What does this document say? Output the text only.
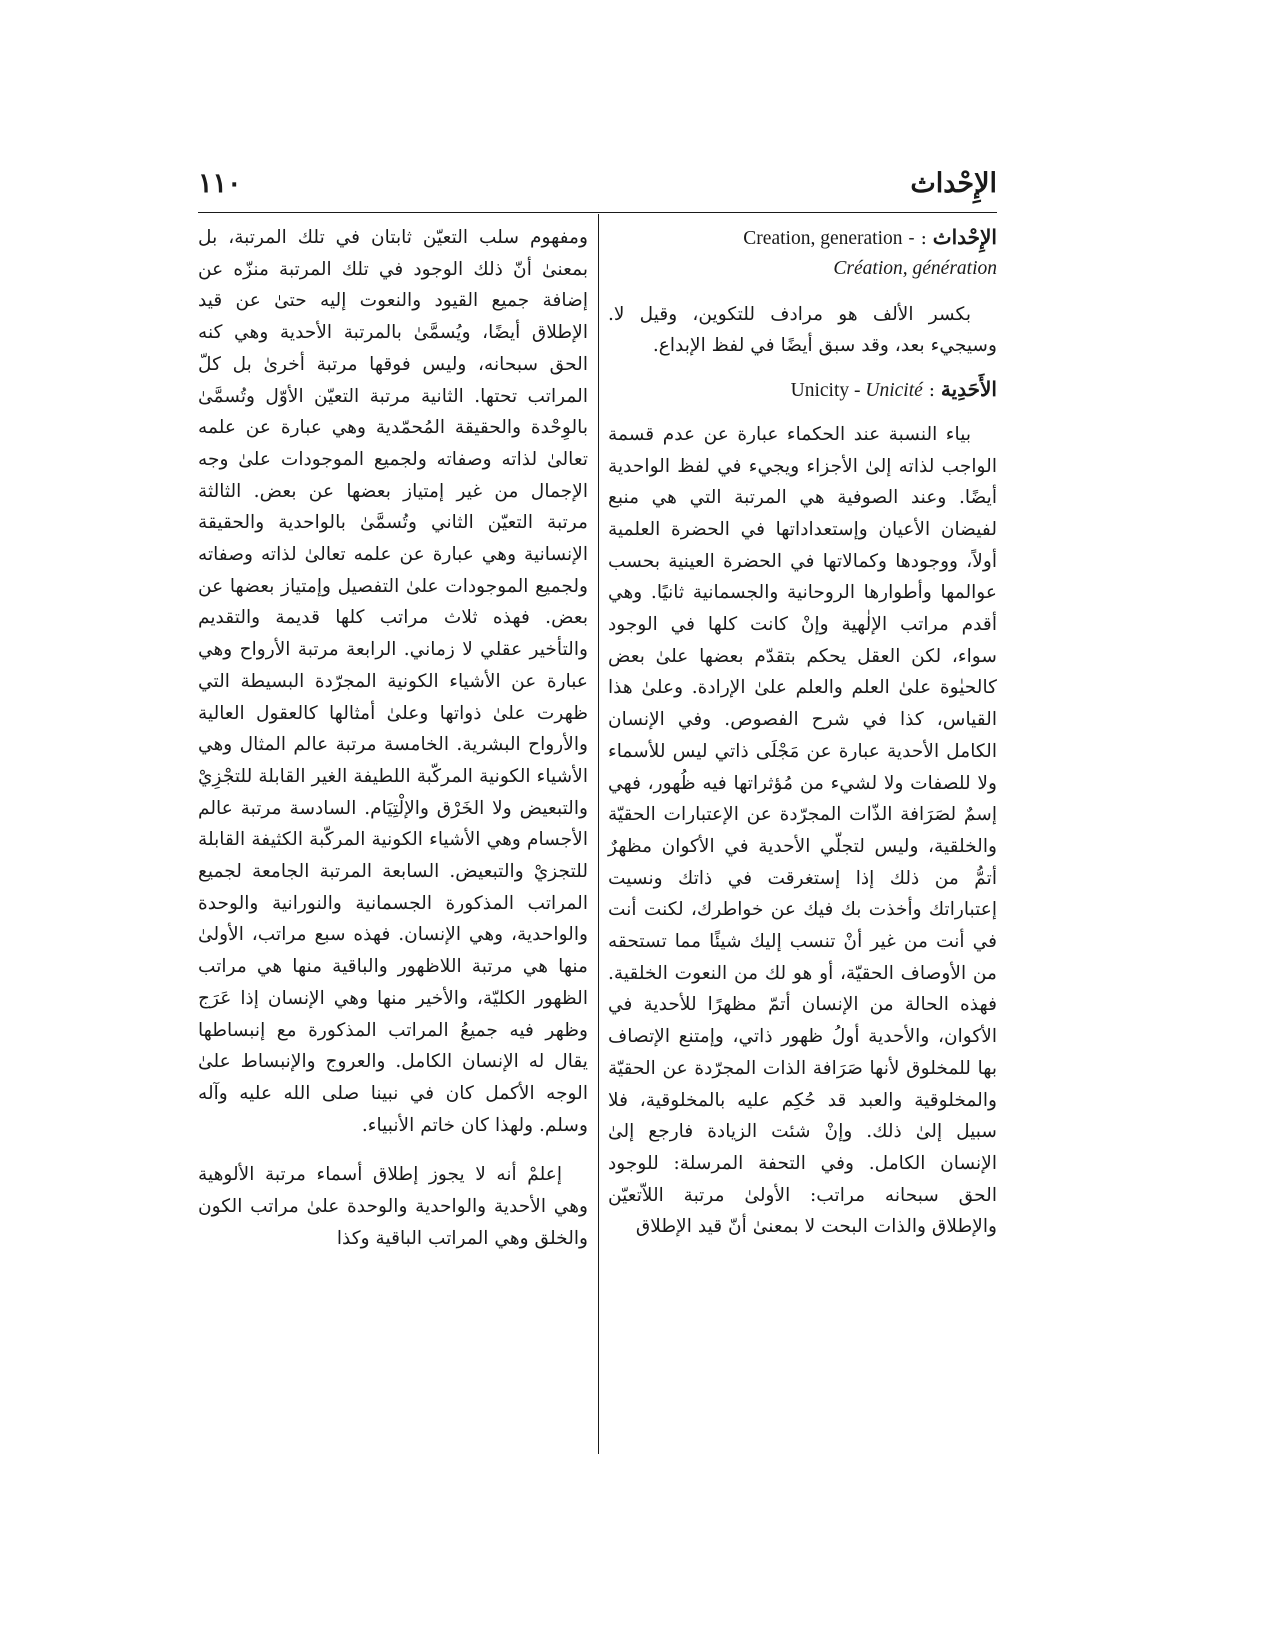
الإِحْداث
١١٠
الإِحْداث : - Creation, generation
Création, génération

بكسر الألف هو مرادف للتكوين، وقيل لا. وسيجيء بعد، وقد سبق أيضًا في لفظ الإبداع.

الأَحَدِية : Unicity - Unicité

بياء النسبة عند الحكماء عبارة عن عدم قسمة الواجب لذاته إلىٰ الأجزاء ويجيء في لفظ الواحدية أيضًا. وعند الصوفية هي المرتبة التي هي منبع لفيضان الأعيان وإستعداداتها في الحضرة العلمية أولاً، ووجودها وكمالاتها في الحضرة العينية بحسب عوالمها وأطوارها الروحانية والجسمانية ثانيًا. وهي أقدم مراتب الإلٰهية وإنْ كانت كلها في الوجود سواء، لكن العقل يحكم بتقدّم بعضها علىٰ بعض كالحيٰوة علىٰ العلم والعلم علىٰ الإرادة. وعلىٰ هذا القياس، كذا في شرح الفصوص. وفي الإنسان الكامل الأحدية عبارة عن مَجْلَى ذاتي ليس للأسماء ولا للصفات ولا لشيء من مُؤثراتها فيه ظُهور، فهي إسمٌ لصَرَافة الذّات المجرّدة عن الإعتبارات الحقيّة والخلقية، وليس لتجلّي الأحدية في الأكوان مظهرٌ أتمُّ من ذلك إذا إستغرقت في ذاتك ونسيت إعتباراتك وأخذت بك فيك عن خواطرك، لكنت أنت في أنت من غير أنْ تنسب إليك شيئًا مما تستحقه من الأوصاف الحقيّة، أو هو لك من النعوت الخلقية. فهذه الحالة من الإنسان أتمّ مظهرًا للأحدية في الأكوان، والأحدية أولُ ظهور ذاتي، وإمتنع الإتصاف بها للمخلوق لأنها صَرَافة الذات المجرّدة عن الحقيّة والمخلوقية والعبد قد حُكِم عليه بالمخلوقية، فلا سبيل إلىٰ ذلك. وإنْ شئت الزيادة فارجع إلىٰ الإنسان الكامل. وفي التحفة المرسلة: للوجود الحق سبحانه مراتب: الأولىٰ مرتبة اللاّتعيّن والإطلاق والذات البحت لا بمعنىٰ أنّ قيد الإطلاق

ومفهوم سلب التعيّن ثابتان في تلك المرتبة، بل بمعنىٰ أنّ ذلك الوجود في تلك المرتبة منزّه عن إضافة جميع القيود والنعوت إليه حتىٰ عن قيد الإطلاق أيضًا، ويُسمَّىٰ بالمرتبة الأحدية وهي كنه الحق سبحانه، وليس فوقها مرتبة أخرىٰ بل كلّ المراتب تحتها. الثانية مرتبة التعيّن الأوّل وتُسمَّىٰ بالوِحْدة والحقيقة المُحمّدية وهي عبارة عن علمه تعالىٰ لذاته وصفاته ولجميع الموجودات علىٰ وجه الإجمال من غير إمتياز بعضها عن بعض. الثالثة مرتبة التعيّن الثاني وتُسمَّىٰ بالواحدية والحقيقة الإنسانية وهي عبارة عن علمه تعالىٰ لذاته وصفاته ولجميع الموجودات علىٰ التفصيل وإمتياز بعضها عن بعض. فهذه ثلاث مراتب كلها قديمة والتقديم والتأخير عقلي لا زماني. الرابعة مرتبة الأرواح وهي عبارة عن الأشياء الكونية المجرّدة البسيطة التي ظهرت علىٰ ذواتها وعلىٰ أمثالها كالعقول العالية والأرواح البشرية. الخامسة مرتبة عالم المثال وهي الأشياء الكونية المركّبة اللطيفة الغير القابلة للتجْزِيْ والتبعيض ولا الخَرْق والإلْتِيَام. السادسة مرتبة عالم الأجسام وهي الأشياء الكونية المركّبة الكثيفة القابلة للتجزيْ والتبعيض. السابعة المرتبة الجامعة لجميع المراتب المذكورة الجسمانية والنورانية والوحدة والواحدية، وهي الإنسان. فهذه سبع مراتب، الأولىٰ منها هي مرتبة اللاظهور والباقية منها هي مراتب الظهور الكليّة، والأخير منها وهي الإنسان إذا عَرَج وظهر فيه جميعُ المراتب المذكورة مع إنبساطها يقال له الإنسان الكامل. والعروج والإنبساط علىٰ الوجه الأكمل كان في نبينا صلى الله عليه وآله وسلم. ولهذا كان خاتم الأنبياء.

إعلمْ أنه لا يجوز إطلاق أسماء مرتبة الألوهية وهي الأحدية والواحدية والوحدة علىٰ مراتب الكون والخلق وهي المراتب الباقية وكذا
